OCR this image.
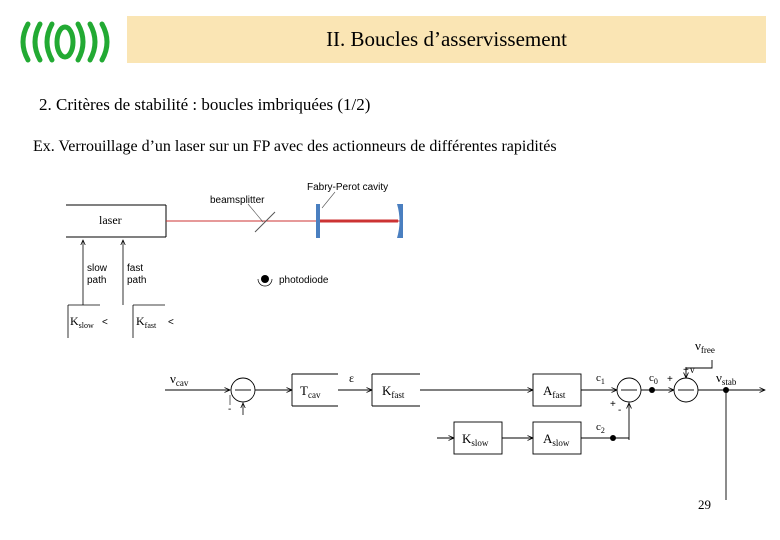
II. Boucles d’asservissement
2. Critères de stabilité : boucles imbriquées (1/2)
Ex. Verrouillage d’un laser sur un FP avec des actionneurs de différentes rapidités
laser
beamsplitter
Fabry-Perot cavity
photodiode
slow
path
fast
path
$K_{slow} < K_{fast}$ <
$\nu_{cav}$
-
$T_{cav}$
ε
$K_{fast}$	$A_{fast}$
$c_1$
+
-
$c_0$ +
+ ν
$\nu_{free}$
$\nu_{stab}$
$K_{slow}$	$A_{slow}$
$c_2$
29
